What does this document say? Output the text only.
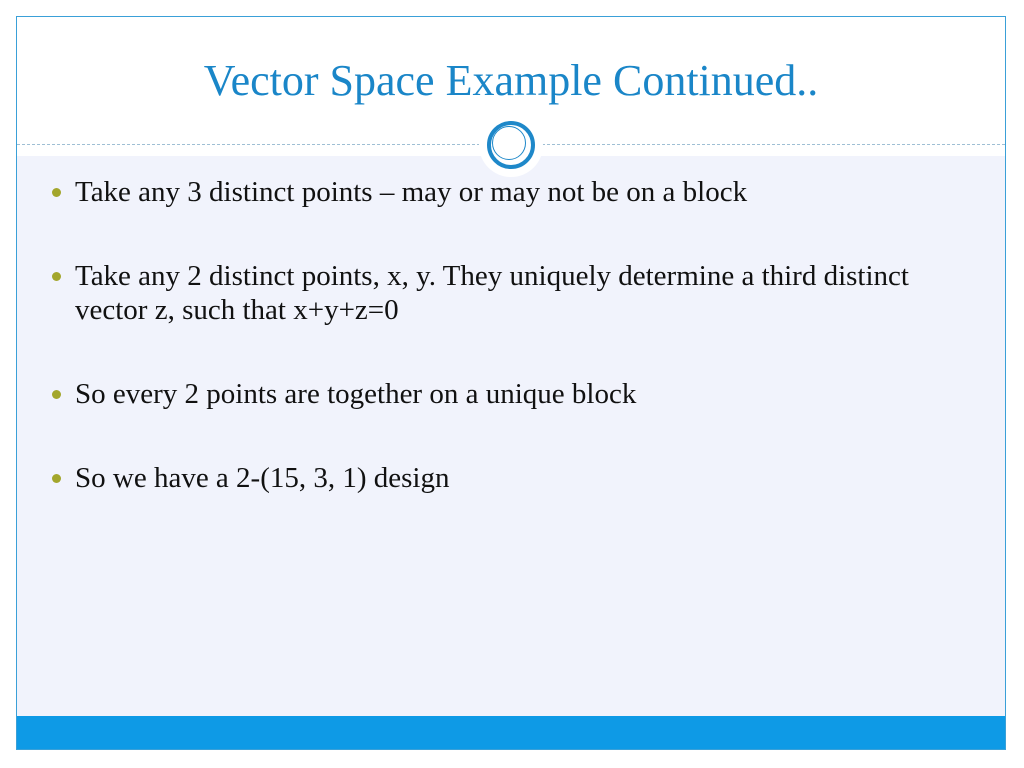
Vector Space Example Continued..
Take any 3 distinct points – may or may not be on a block
Take any 2 distinct points, x, y. They uniquely determine a third distinct vector z, such that x+y+z=0
So every 2 points are together on a unique block
So we have a 2-(15, 3, 1) design
